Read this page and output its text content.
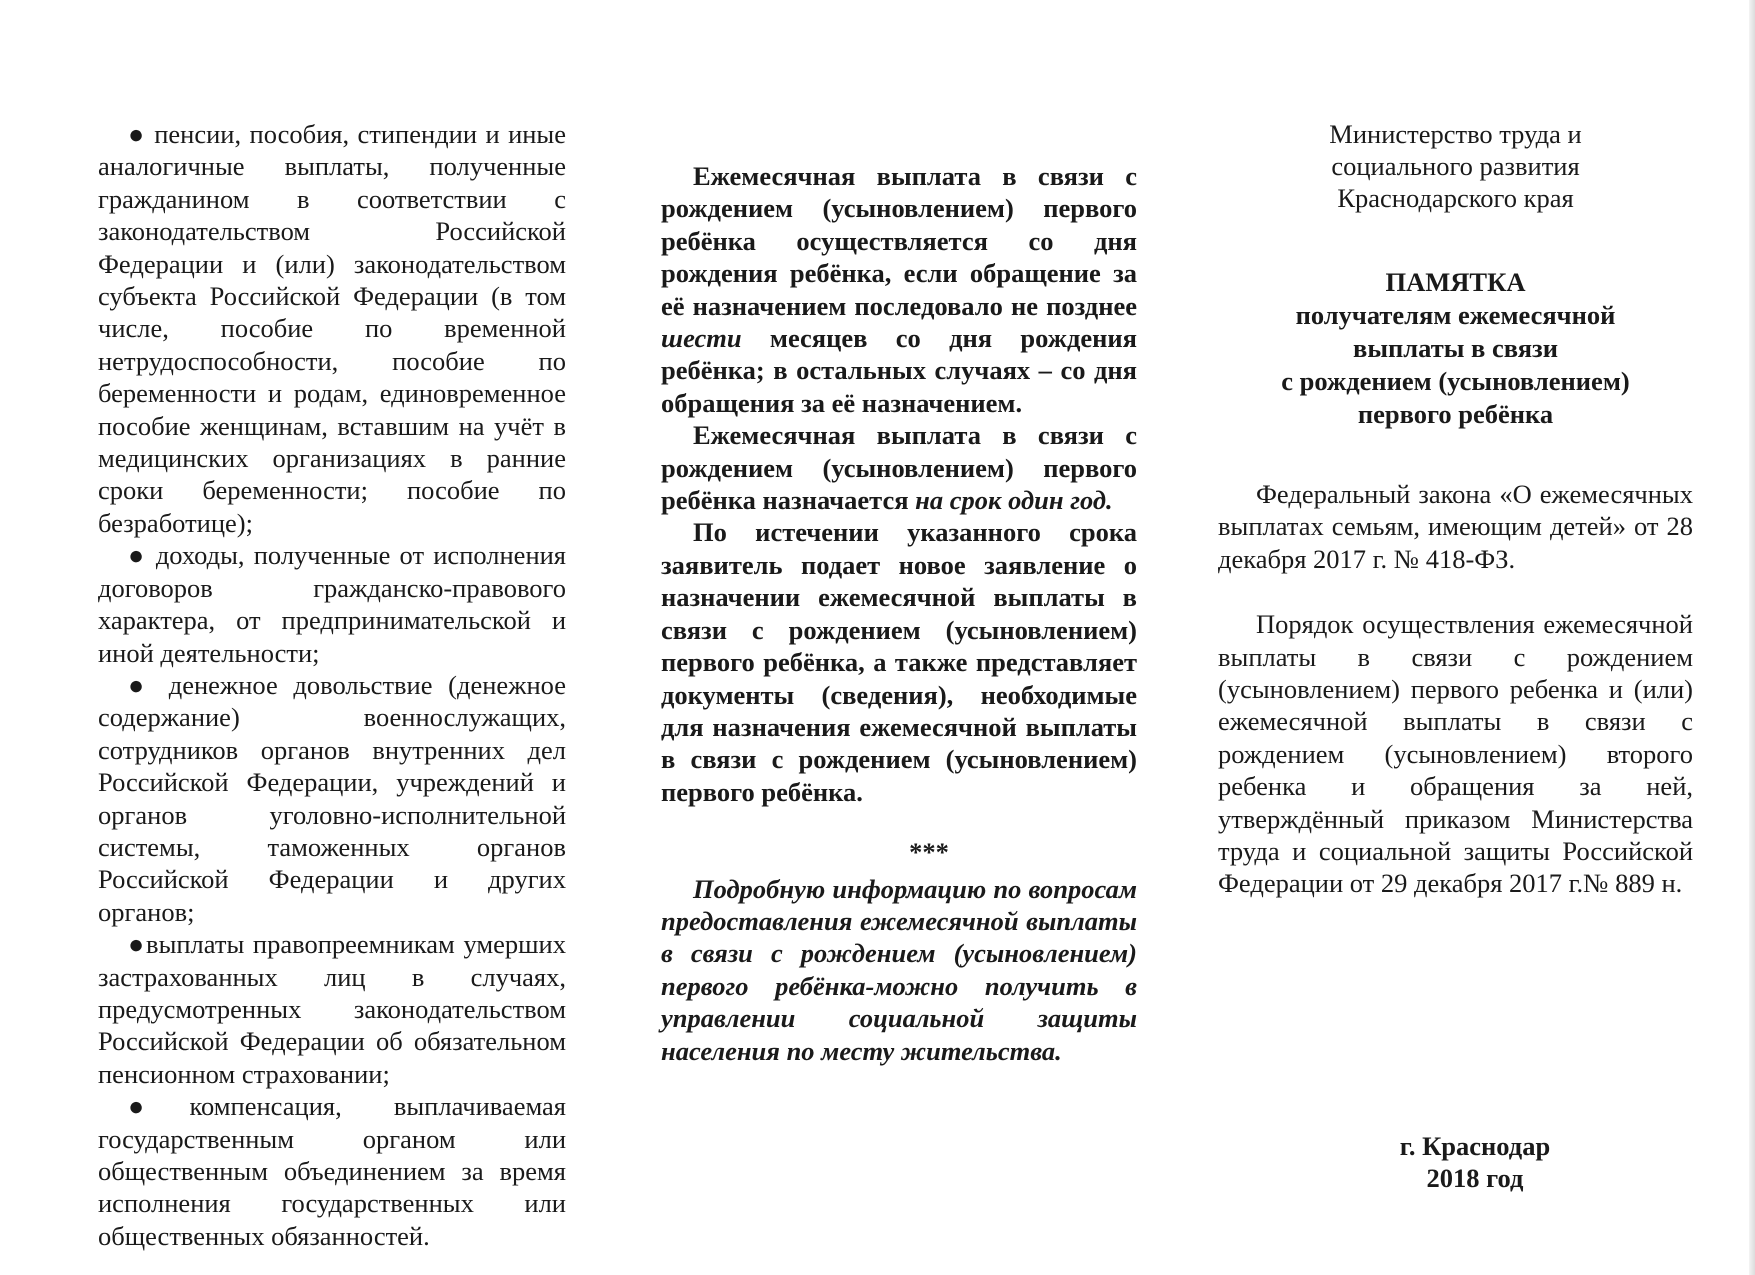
● пенсии, пособия, стипендии и иные аналогичные выплаты, полученные гражданином в соответствии с законодательством Российской Федерации и (или) законодательством субъекта Российской Федерации (в том числе, пособие по временной нетрудоспособности, пособие по беременности и родам, единовременное пособие женщинам, вставшим на учёт в медицинских организациях в ранние сроки беременности; пособие по безработице);

● доходы, полученные от исполнения договоров гражданско-правового характера, от предпринимательской и иной деятельности;

● денежное довольствие (денежное содержание) военнослужащих, сотрудников органов внутренних дел Российской Федерации, учреждений и органов уголовно-исполнительной системы, таможенных органов Российской Федерации и других органов;

●выплаты правопреемникам умерших застрахованных лиц в случаях, предусмотренных законодательством Российской Федерации об обязательном пенсионном страховании;

●компенсация, выплачиваемая государственным органом или общественным объединением за время исполнения государственных или общественных обязанностей.

Ежемесячная выплата в связи с рождением (усыновлением) первого ребёнка осуществляется со дня рождения ребёнка, если обращение за её назначением последовало не позднее шести месяцев со дня рождения ребёнка; в остальных случаях – со дня обращения за её назначением.

Ежемесячная выплата в связи с рождением (усыновлением) первого ребёнка назначается на срок один год.

По истечении указанного срока заявитель подает новое заявление о назначении ежемесячной выплаты в связи с рождением (усыновлением) первого ребёнка, а также представляет документы (сведения), необходимые для назначения ежемесячной выплаты в связи с рождением (усыновлением) первого ребёнка.

***

Подробную информацию по вопросам предоставления ежемесячной выплаты в связи с рождением (усыновлением) первого ребёнка-можно получить в управлении социальной защиты населения по месту жительства.

Министерство труда и
социального развития
Краснодарского края
ПАМЯТКА
получателям ежемесячной
выплаты в связи
с рождением (усыновлением)
первого ребёнка

Федеральный закона «О ежемесячных выплатах семьям, имеющим детей» от 28 декабря 2017 г. № 418-ФЗ.

Порядок осуществления ежемесячной выплаты в связи с рождением (усыновлением) первого ребенка и (или) ежемесячной выплаты в связи с рождением (усыновлением) второго ребенка и обращения за ней, утверждённый приказом Министерства труда и социальной защиты Российской Федерации от 29 декабря 2017 г.№ 889 н.

г. Краснодар
2018 год
